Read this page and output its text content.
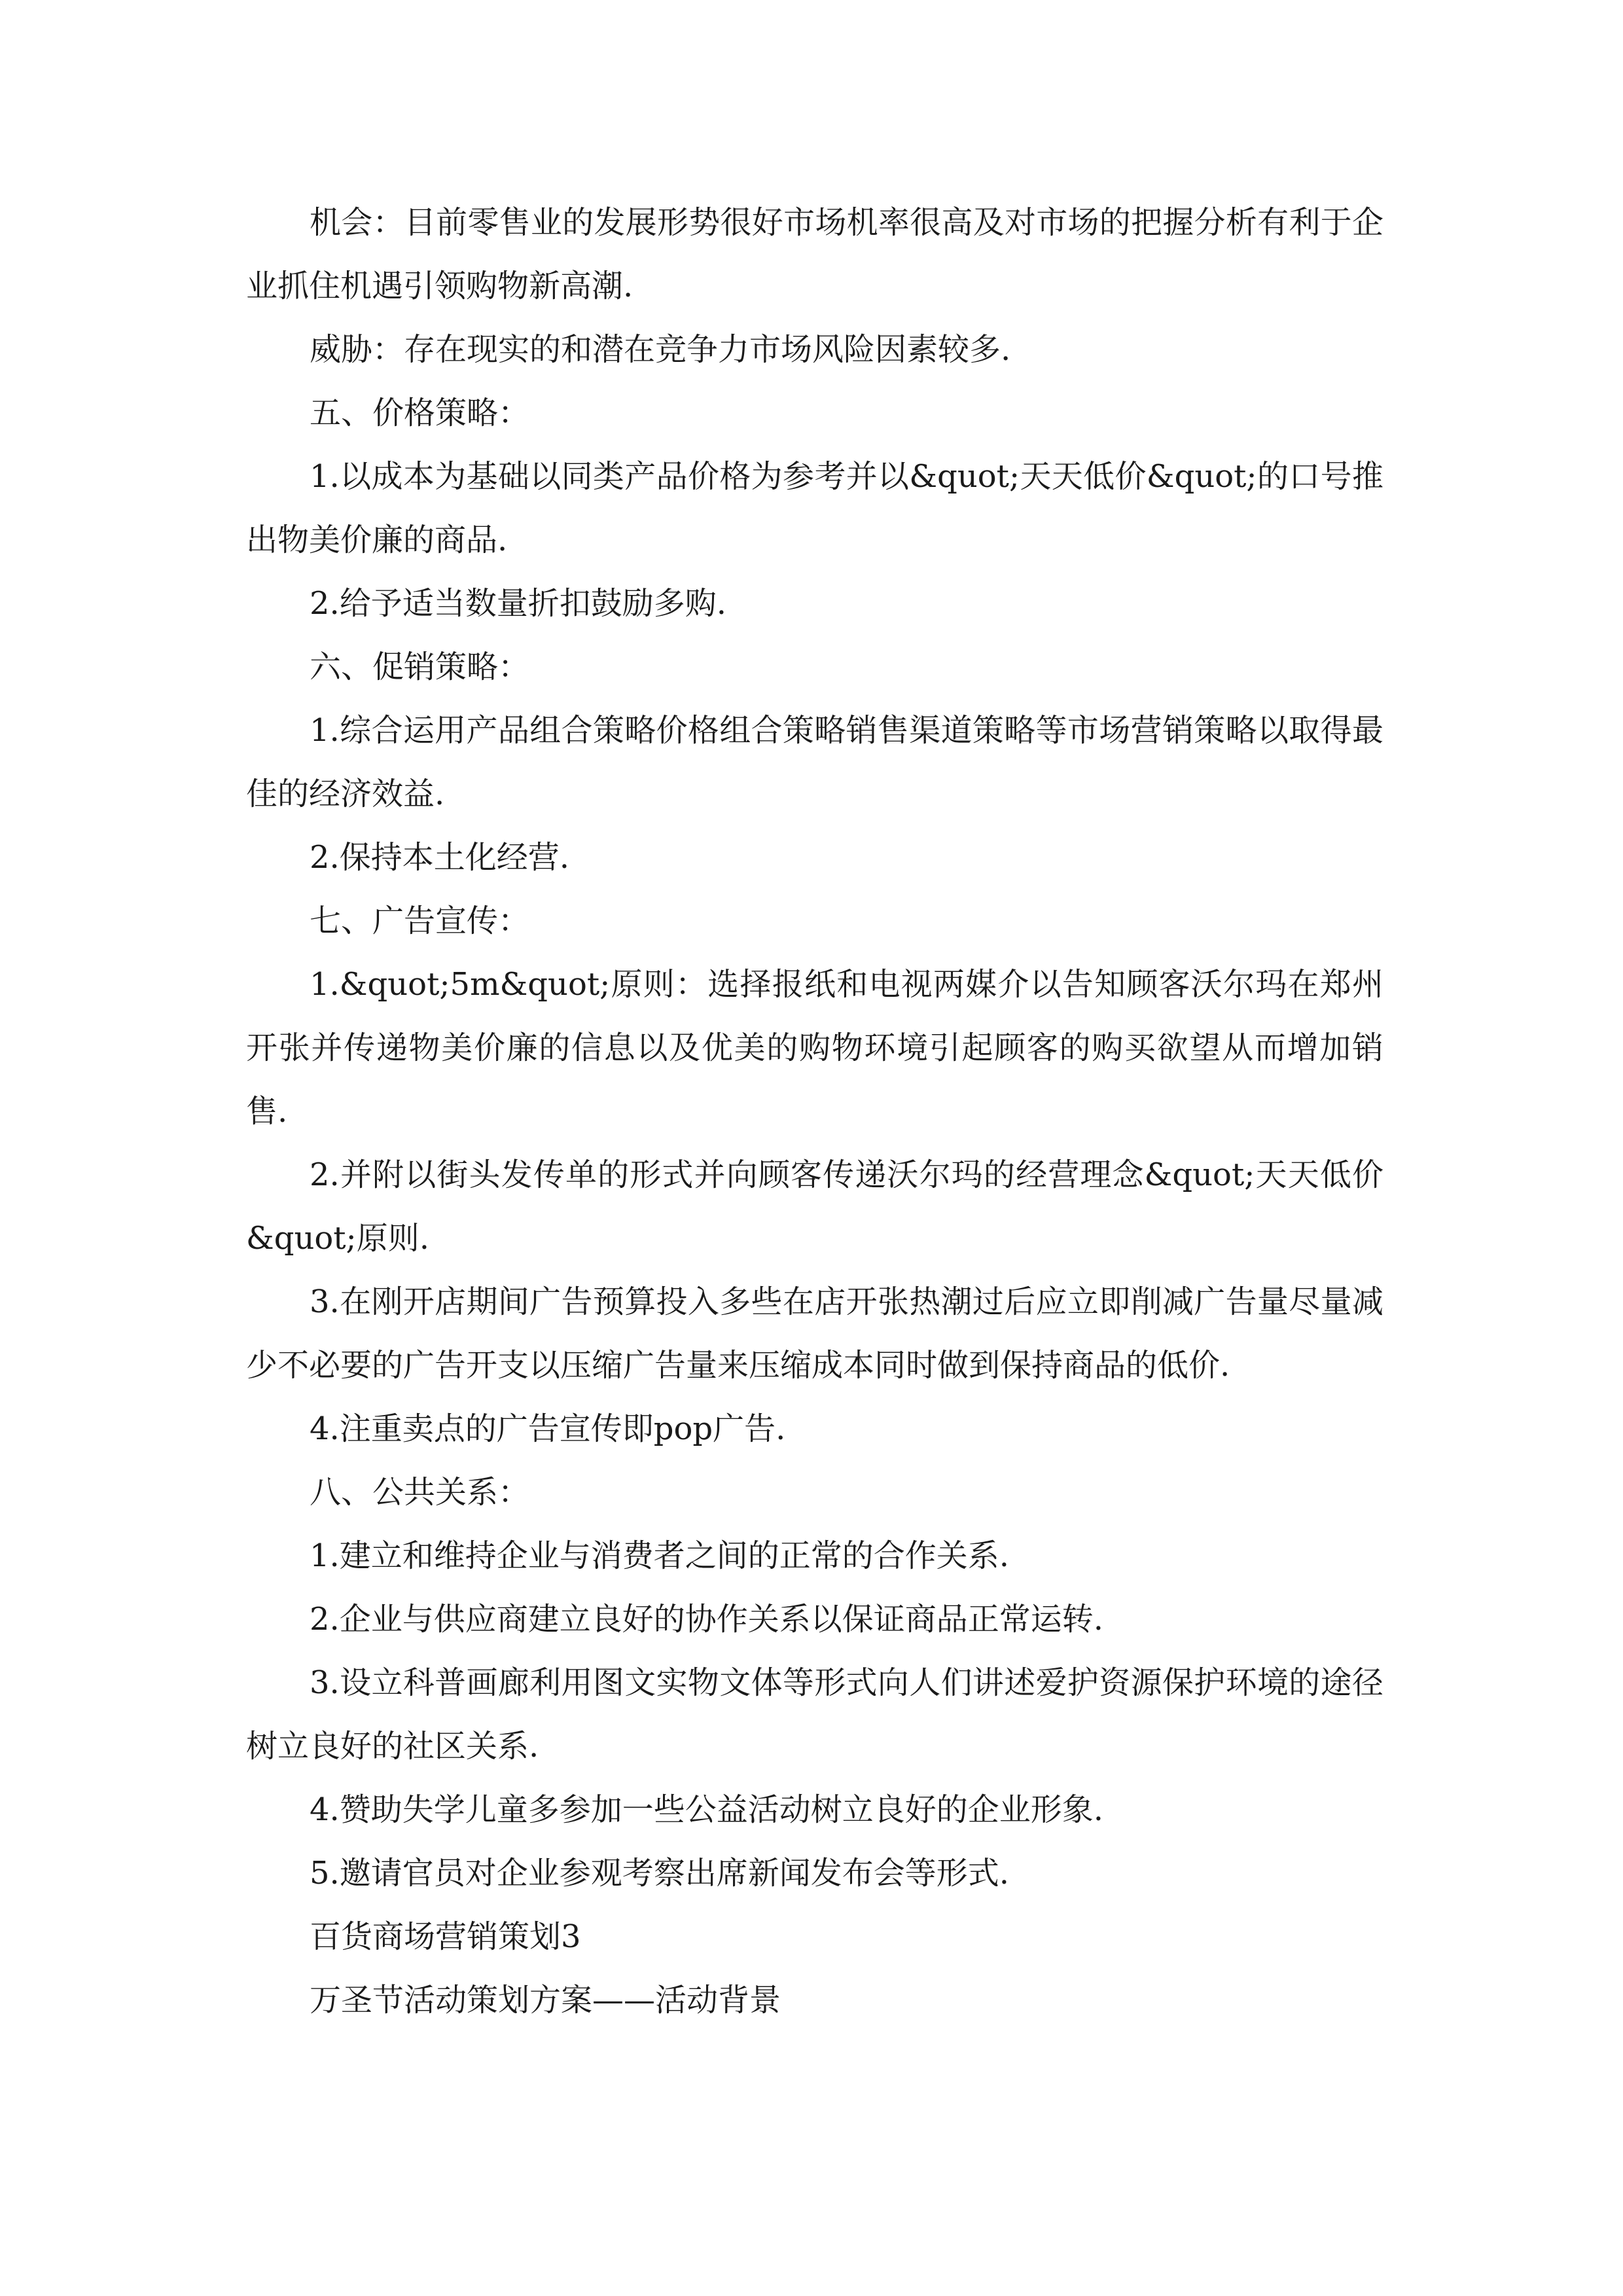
机会：目前零售业的发展形势很好市场机率很高及对市场的把握分析有利于企业抓住机遇引领购物新高潮.

威胁：存在现实的和潜在竞争力市场风险因素较多.

五、价格策略：

1.以成本为基础以同类产品价格为参考并以&quot;天天低价&quot;的口号推出物美价廉的商品.

2.给予适当数量折扣鼓励多购.

六、促销策略：

1.综合运用产品组合策略价格组合策略销售渠道策略等市场营销策略以取得最佳的经济效益.

2.保持本土化经营.

七、广告宣传：

1.&quot;5m&quot;原则：选择报纸和电视两媒介以告知顾客沃尔玛在郑州开张并传递物美价廉的信息以及优美的购物环境引起顾客的购买欲望从而增加销售.

2.并附以街头发传单的形式并向顾客传递沃尔玛的经营理念&quot;天天低价&quot;原则.

3.在刚开店期间广告预算投入多些在店开张热潮过后应立即削减广告量尽量减少不必要的广告开支以压缩广告量来压缩成本同时做到保持商品的低价.

4.注重卖点的广告宣传即pop广告.

八、公共关系：

1.建立和维持企业与消费者之间的正常的合作关系.

2.企业与供应商建立良好的协作关系以保证商品正常运转.

3.设立科普画廊利用图文实物文体等形式向人们讲述爱护资源保护环境的途径树立良好的社区关系.

4.赞助失学儿童多参加一些公益活动树立良好的企业形象.

5.邀请官员对企业参观考察出席新闻发布会等形式.

百货商场营销策划3

万圣节活动策划方案——活动背景
